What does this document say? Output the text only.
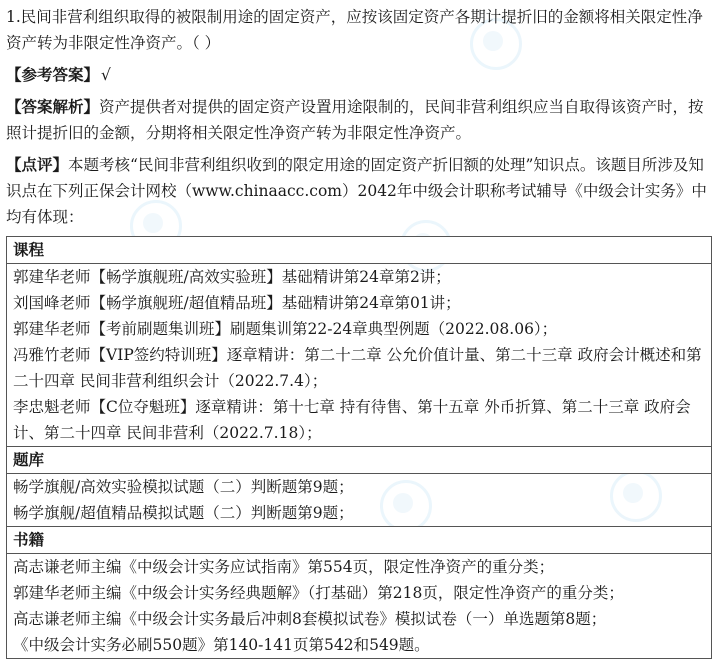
1.民间非营利组织取得的被限制用途的固定资产，应按该固定资产各期计提折旧的金额将相关限定性净资产转为非限定性净资产。（ ）

【参考答案】 √

【答案解析】资产提供者对提供的固定资产设置用途限制的，民间非营利组织应当自取得该资产时，按照计提折旧的金额，分期将相关限定性净资产转为非限定性净资产。

【点评】本题考核“民间非营利组织收到的限定用途的固定资产折旧额的处理”知识点。该题目所涉及知识点在下列正保会计网校（www.chinaacc.com）2042年中级会计职称考试辅导《中级会计实务》中均有体现：

课程

郭建华老师【畅学旗舰班/高效实验班】基础精讲第24章第2讲；
刘国峰老师【畅学旗舰班/超值精品班】基础精讲第24章第01讲；
郭建华老师【考前刷题集训班】刷题集训第22-24章典型例题（2022.08.06）；
冯雅竹老师【VIP签约特训班】逐章精讲：第二十二章 公允价值计量、第二十三章 政府会计概述和第二十四章 民间非营利组织会计（2022.7.4）；
李忠魁老师【C位夺魁班】逐章精讲：第十七章 持有待售、第十五章 外币折算、第二十三章 政府会计、第二十四章 民间非营利（2022.7.18）；

题库

畅学旗舰/高效实验模拟试题（二）判断题第9题；
畅学旗舰/超值精品模拟试题（二）判断题第9题；

书籍

高志谦老师主编《中级会计实务应试指南》第554页，限定性净资产的重分类；
郭建华老师主编《中级会计实务经典题解》（打基础）第218页，限定性净资产的重分类；
高志谦老师主编《中级会计实务最后冲刺8套模拟试卷》模拟试卷（一）单选题第8题；
《中级会计实务必刷550题》第140-141页第542和549题。
